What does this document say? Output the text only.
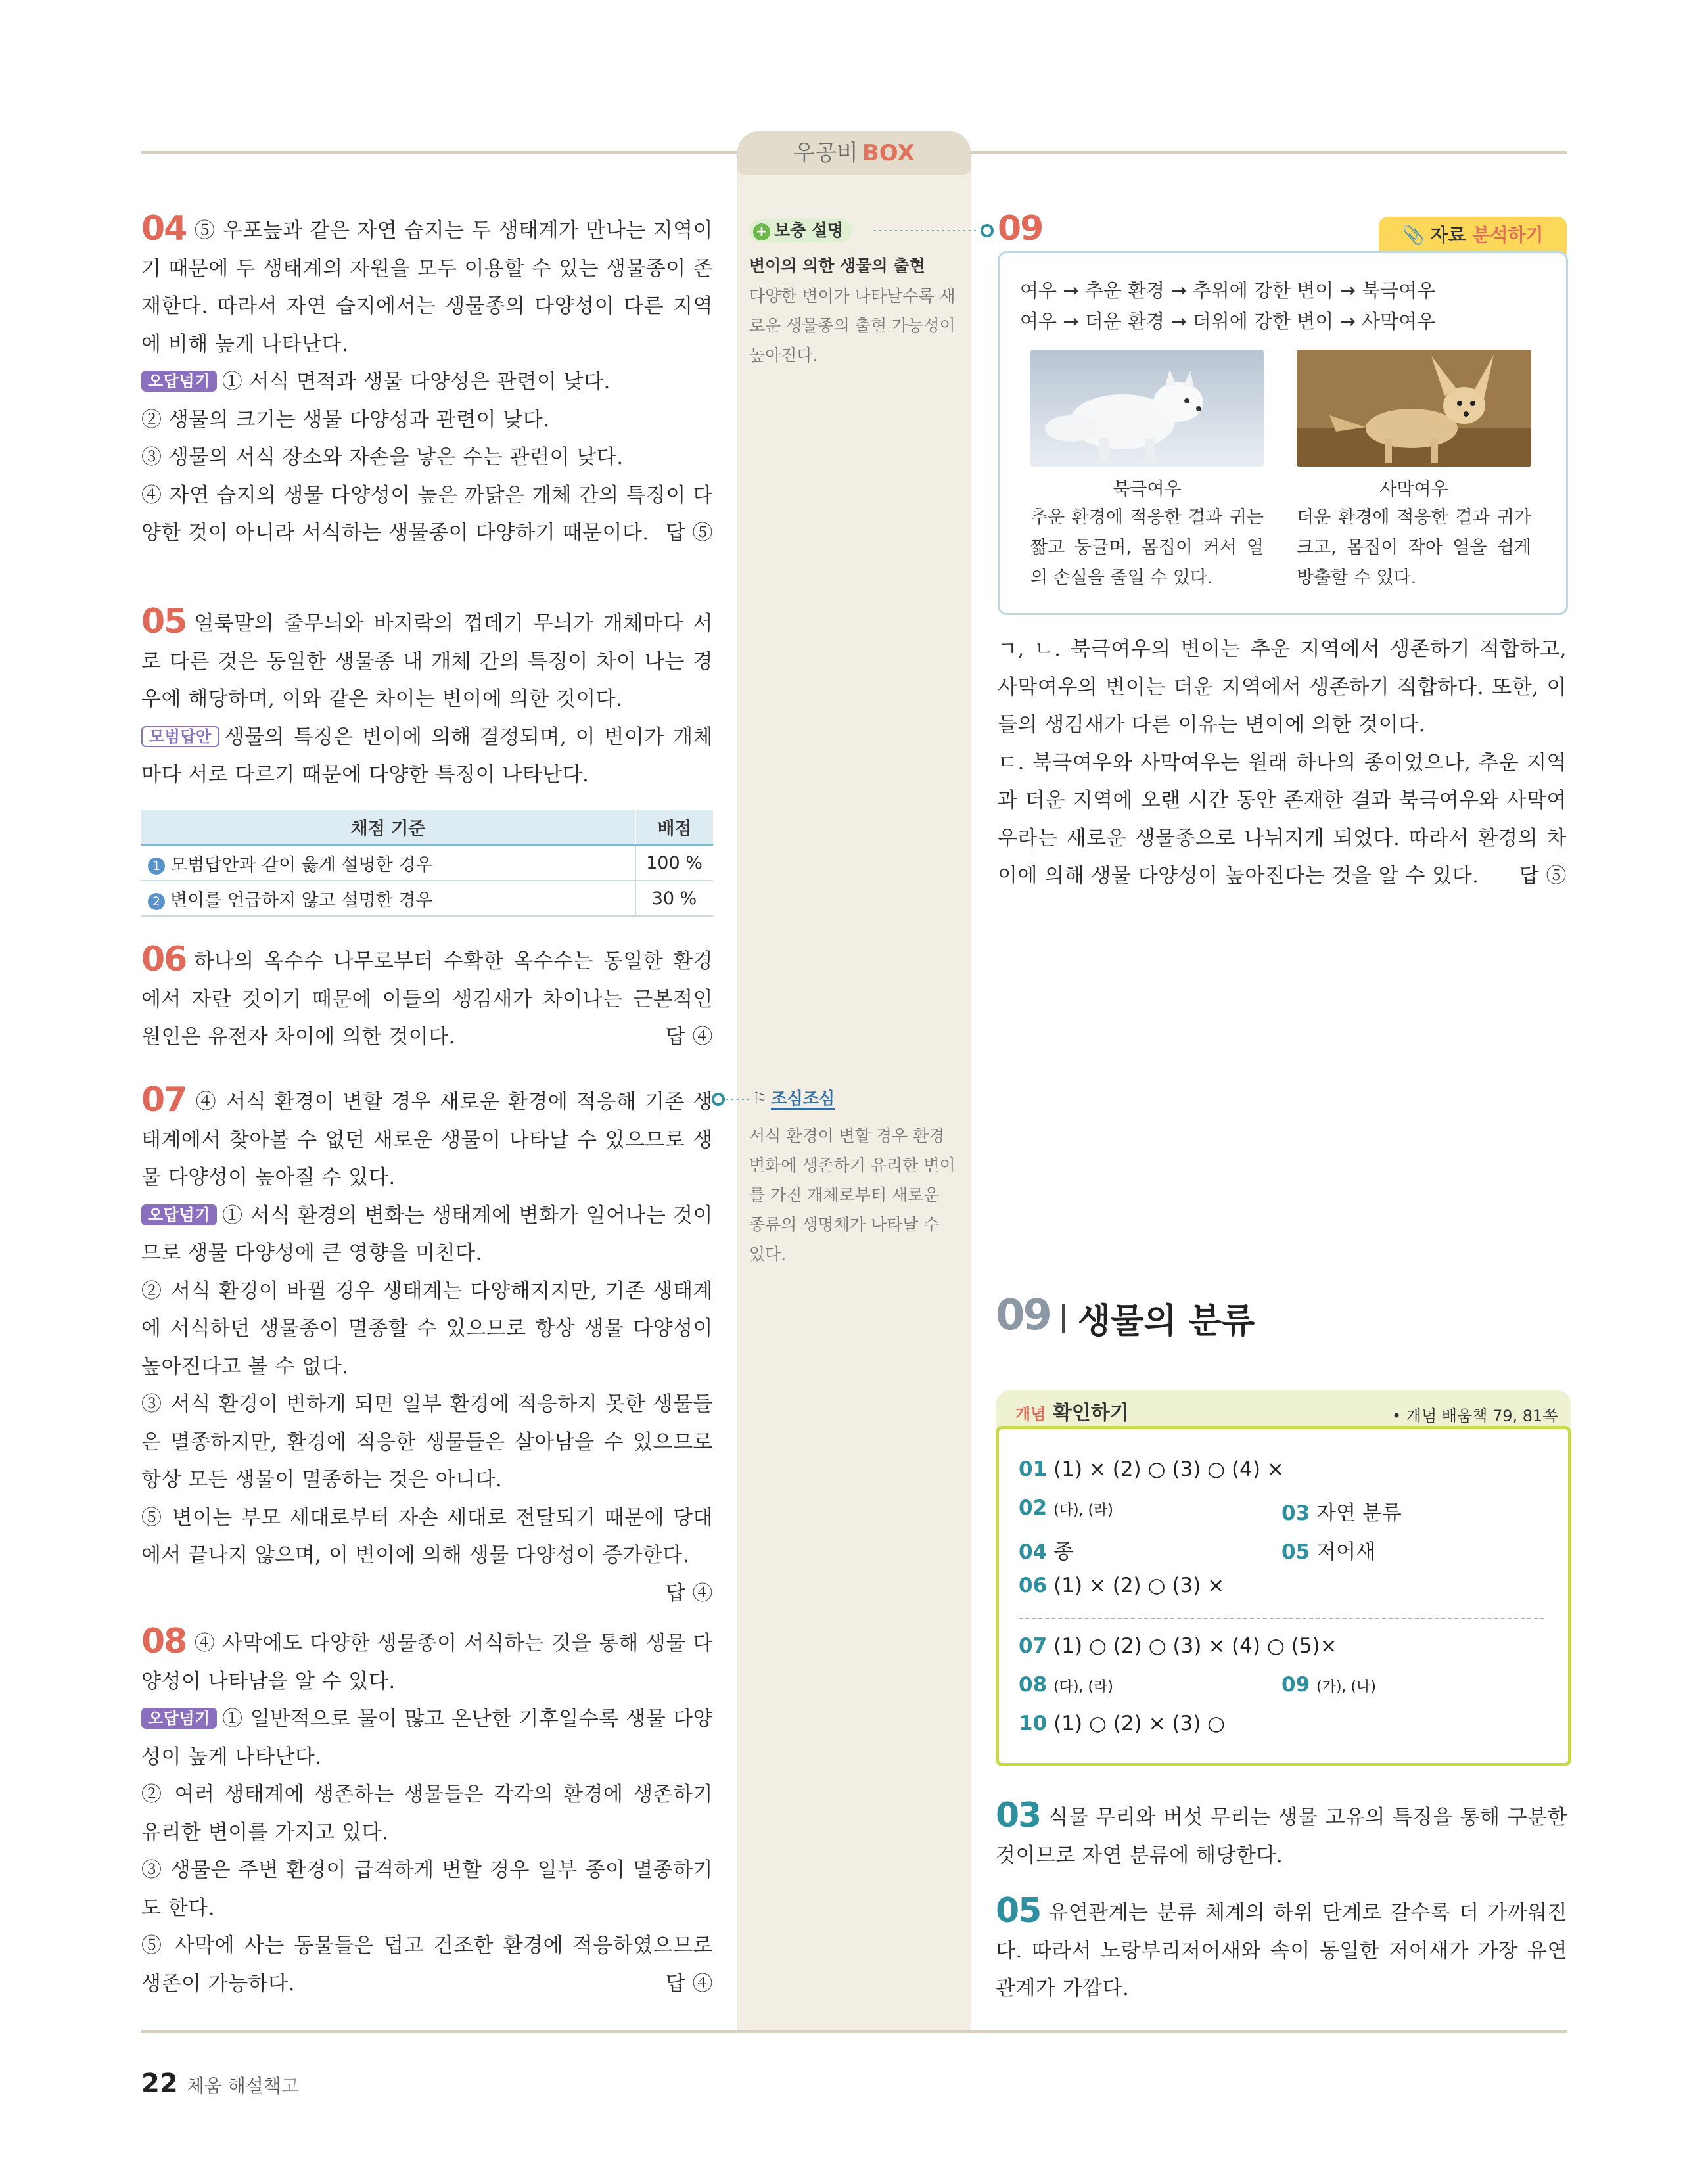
우공비 BOX
04 ⑤ 우포늪과 같은 자연 습지는 두 생태계가 만나는 지역이기 때문에 두 생태계의 자원을 모두 이용할 수 있는 생물종이 존재한다. 따라서 자연 습지에서는 생물종의 다양성이 다른 지역에 비해 높게 나타난다.
오답넘기 ① 서식 면적과 생물 다양성은 관련이 낮다.
② 생물의 크기는 생물 다양성과 관련이 낮다.
③ 생물의 서식 장소와 자손을 낳은 수는 관련이 낮다.
④ 자연 습지의 생물 다양성이 높은 까닭은 개체 간의 특징이 다양한 것이 아니라 서식하는 생물종이 다양하기 때문이다. 답 ⑤
05 얼룩말의 줄무늬와 바지락의 껍데기 무늬가 개체마다 서로 다른 것은 동일한 생물종 내 개체 간의 특징이 차이 나는 경우에 해당하며, 이와 같은 차이는 변이에 의한 것이다.
모범답안 생물의 특징은 변이에 의해 결정되며, 이 변이가 개체마다 서로 다르기 때문에 다양한 특징이 나타난다.
채점 기준	배점
1 모범답안과 같이 옳게 설명한 경우	100 %
2 변이를 언급하지 않고 설명한 경우	30 %
06 하나의 옥수수 나무로부터 수확한 옥수수는 동일한 환경에서 자란 것이기 때문에 이들의 생김새가 차이나는 근본적인 원인은 유전자 차이에 의한 것이다.	답 ④
07 ④ 서식 환경이 변할 경우 새로운 환경에 적응해 기존 생태계에서 찾아볼 수 없던 새로운 생물이 나타날 수 있으므로 생물 다양성이 높아질 수 있다.
오답넘기 ① 서식 환경의 변화는 생태계에 변화가 일어나는 것이므로 생물 다양성에 큰 영향을 미친다.
② 서식 환경이 바뀔 경우 생태계는 다양해지지만, 기존 생태계에 서식하던 생물종이 멸종할 수 있으므로 항상 생물 다양성이 높아진다고 볼 수 없다.
③ 서식 환경이 변하게 되면 일부 환경에 적응하지 못한 생물들은 멸종하지만, 환경에 적응한 생물들은 살아남을 수 있으므로 항상 모든 생물이 멸종하는 것은 아니다.
⑤ 변이는 부모 세대로부터 자손 세대로 전달되기 때문에 당대에서 끝나지 않으며, 이 변이에 의해 생물 다양성이 증가한다.
답 ④
08 ④ 사막에도 다양한 생물종이 서식하는 것을 통해 생물 다양성이 나타남을 알 수 있다.
오답넘기 ① 일반적으로 물이 많고 온난한 기후일수록 생물 다양성이 높게 나타난다.
② 여러 생태계에 생존하는 생물들은 각각의 환경에 생존하기 유리한 변이를 가지고 있다.
③ 생물은 주변 환경이 급격하게 변할 경우 일부 종이 멸종하기도 한다.
⑤ 사막에 사는 동물들은 덥고 건조한 환경에 적응하였으므로 생존이 가능하다.	답 ④
+ 보충 설명
변이의 의한 생물의 출현
다양한 변이가 나타날수록 새로운 생물종의 출현 가능성이 높아진다.
⚐ 조심조심
서식 환경이 변할 경우 환경 변화에 생존하기 유리한 변이를 가진 개체로부터 새로운 종류의 생명체가 나타날 수 있다.
09	📎 자료 분석하기
여우 → 추운 환경 → 추위에 강한 변이 → 북극여우
여우 → 더운 환경 → 더위에 강한 변이 → 사막여우
북극여우
추운 환경에 적응한 결과 귀는 짧고 둥글며, 몸집이 커서 열의 손실을 줄일 수 있다.
사막여우
더운 환경에 적응한 결과 귀가 크고, 몸집이 작아 열을 쉽게 방출할 수 있다.
ㄱ, ㄴ. 북극여우의 변이는 추운 지역에서 생존하기 적합하고, 사막여우의 변이는 더운 지역에서 생존하기 적합하다. 또한, 이들의 생김새가 다른 이유는 변이에 의한 것이다.
ㄷ. 북극여우와 사막여우는 원래 하나의 종이었으나, 추운 지역과 더운 지역에 오랜 시간 동안 존재한 결과 북극여우와 사막여우라는 새로운 생물종으로 나뉘지게 되었다. 따라서 환경의 차이에 의해 생물 다양성이 높아진다는 것을 알 수 있다. 답 ⑤
09 생물의 분류
개념 확인하기	• 개념 배움책 79, 81쪽
01 (1) × (2) ○ (3) ○ (4) ×
02 (다), (라)	03 자연 분류
04 종	05 저어새
06 (1) × (2) ○ (3) ×
07 (1) ○ (2) ○ (3) × (4) ○ (5)×
08 (다), (라)	09 (가), (나)
10 (1) ○ (2) × (3) ○
03 식물 무리와 버섯 무리는 생물 고유의 특징을 통해 구분한 것이므로 자연 분류에 해당한다.
05 유연관계는 분류 체계의 하위 단계로 갈수록 더 가까워진다. 따라서 노랑부리저어새와 속이 동일한 저어새가 가장 유연관계가 가깝다.
22 체움 해설책고
